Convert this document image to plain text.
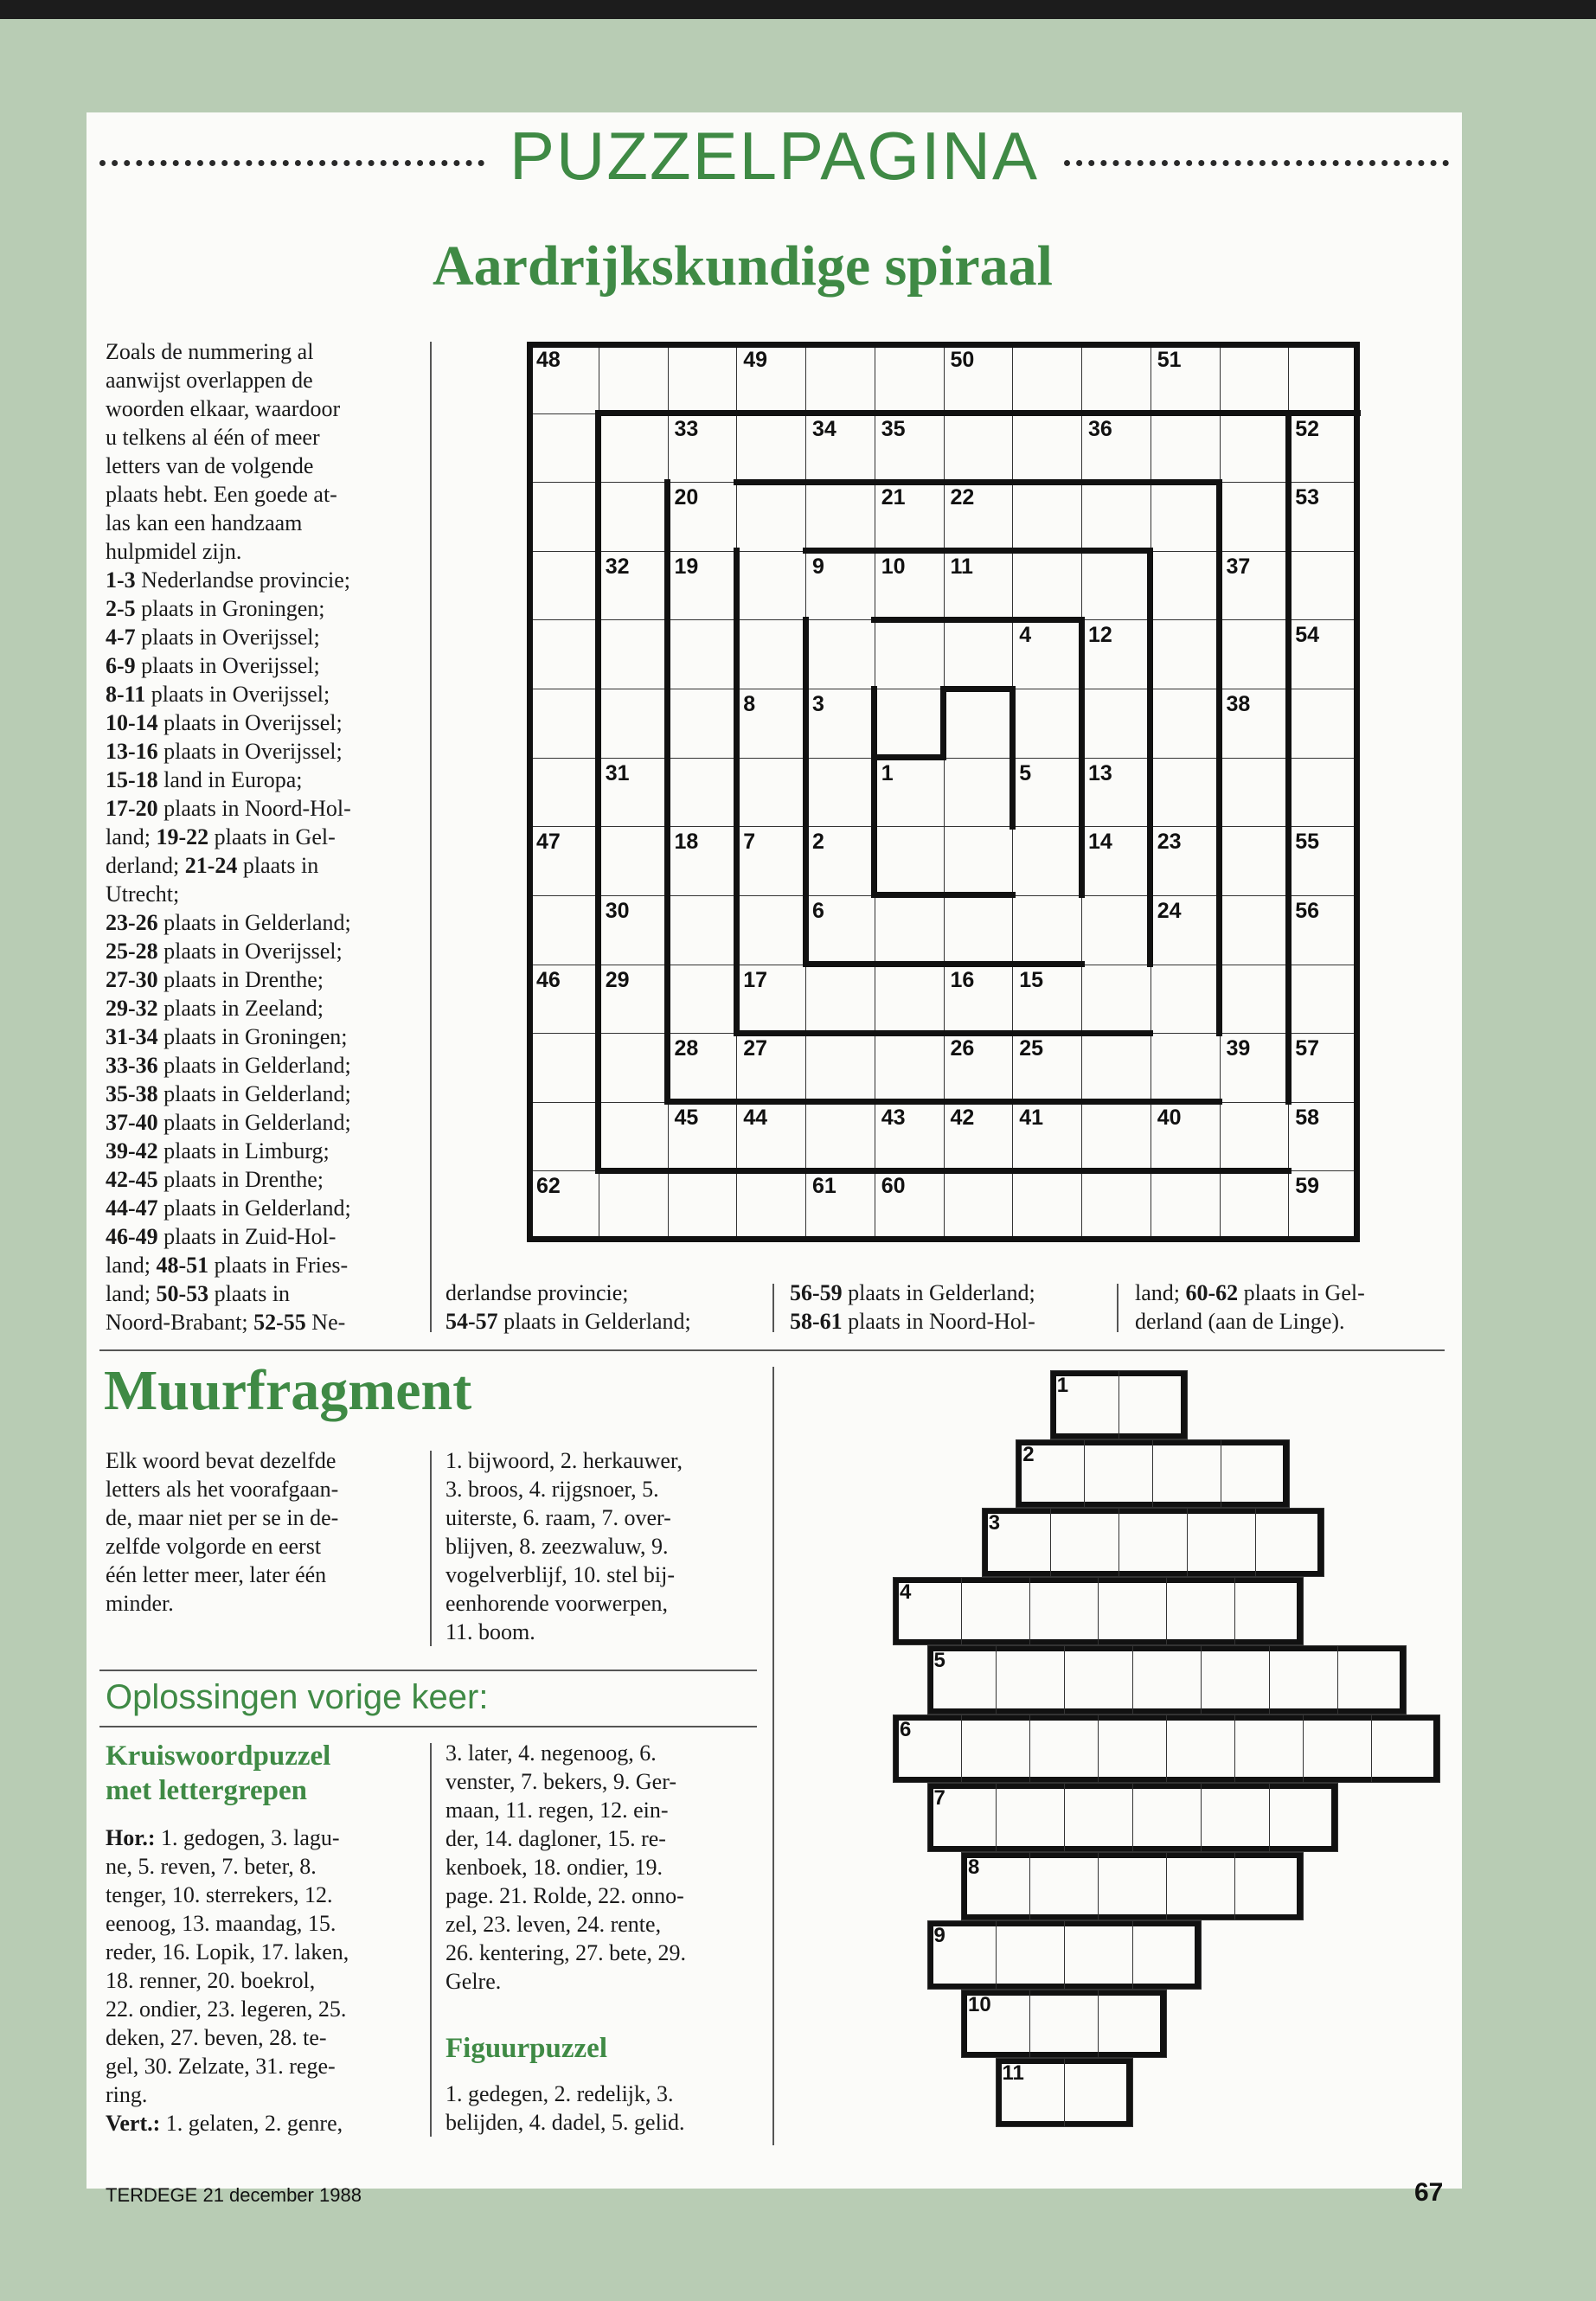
PUZZELPAGINA
Aardrijkskundige spiraal
Zoals de nummering al
aanwijst overlappen de
woorden elkaar, waardoor
u telkens al één of meer
letters van de volgende
plaats hebt. Een goede at-
las kan een handzaam
hulpmidel zijn.
1-3 Nederlandse provincie;
2-5 plaats in Groningen;
4-7 plaats in Overijssel;
6-9 plaats in Overijssel;
8-11 plaats in Overijssel;
10-14 plaats in Overijssel;
13-16 plaats in Overijssel;
15-18 land in Europa;
17-20 plaats in Noord-Hol-
land; 19-22 plaats in Gel-
derland; 21-24 plaats in
Utrecht;
23-26 plaats in Gelderland;
25-28 plaats in Overijssel;
27-30 plaats in Drenthe;
29-32 plaats in Zeeland;
31-34 plaats in Groningen;
33-36 plaats in Gelderland;
35-38 plaats in Gelderland;
37-40 plaats in Gelderland;
39-42 plaats in Limburg;
42-45 plaats in Drenthe;
44-47 plaats in Gelderland;
46-49 plaats in Zuid-Hol-
land; 48-51 plaats in Fries-
land; 50-53 plaats in
Noord-Brabant; 52-55 Ne-
48	49	50	51
33	34	35	36	52
20	21	22	53
32	19	9	10	11	37
4	12	54
8	3	38
31	1	5	13
47	18	7	2	14	23	55
30	6	24	56
46	29	17	16	15
28	27	26	25	39	57
45	44	43	42	41	40	58
62	61	60	59
derlandse provincie;
54-57 plaats in Gelderland;
56-59 plaats in Gelderland;
58-61 plaats in Noord-Hol-
land; 60-62 plaats in Gel-
derland (aan de Linge).
Muurfragment
Elk woord bevat dezelfde
letters als het voorafgaan-
de, maar niet per se in de-
zelfde volgorde en eerst
één letter meer, later één
minder.
1. bijwoord, 2. herkauwer,
3. broos, 4. rijgsnoer, 5.
uiterste, 6. raam, 7. over-
blijven, 8. zeezwaluw, 9.
vogelverblijf, 10. stel bij-
eenhorende voorwerpen,
11. boom.
1
2
3
4
5
6
7
8
9
10
11
Oplossingen vorige keer:
Kruiswoordpuzzel
met lettergrepen
Hor.: 1. gedogen, 3. lagu-
ne, 5. reven, 7. beter, 8.
tenger, 10. sterrekers, 12.
eenoog, 13. maandag, 15.
reder, 16. Lopik, 17. laken,
18. renner, 20. boekrol,
22. ondier, 23. legeren, 25.
deken, 27. beven, 28. te-
gel, 30. Zelzate, 31. rege-
ring.
Vert.: 1. gelaten, 2. genre,
3. later, 4. negenoog, 6.
venster, 7. bekers, 9. Ger-
maan, 11. regen, 12. ein-
der, 14. dagloner, 15. re-
kenboek, 18. ondier, 19.
page. 21. Rolde, 22. onno-
zel, 23. leven, 24. rente,
26. kentering, 27. bete, 29.
Gelre.
Figuurpuzzel
1. gedegen, 2. redelijk, 3.
belijden, 4. dadel, 5. gelid.
TERDEGE 21 december 1988	67
